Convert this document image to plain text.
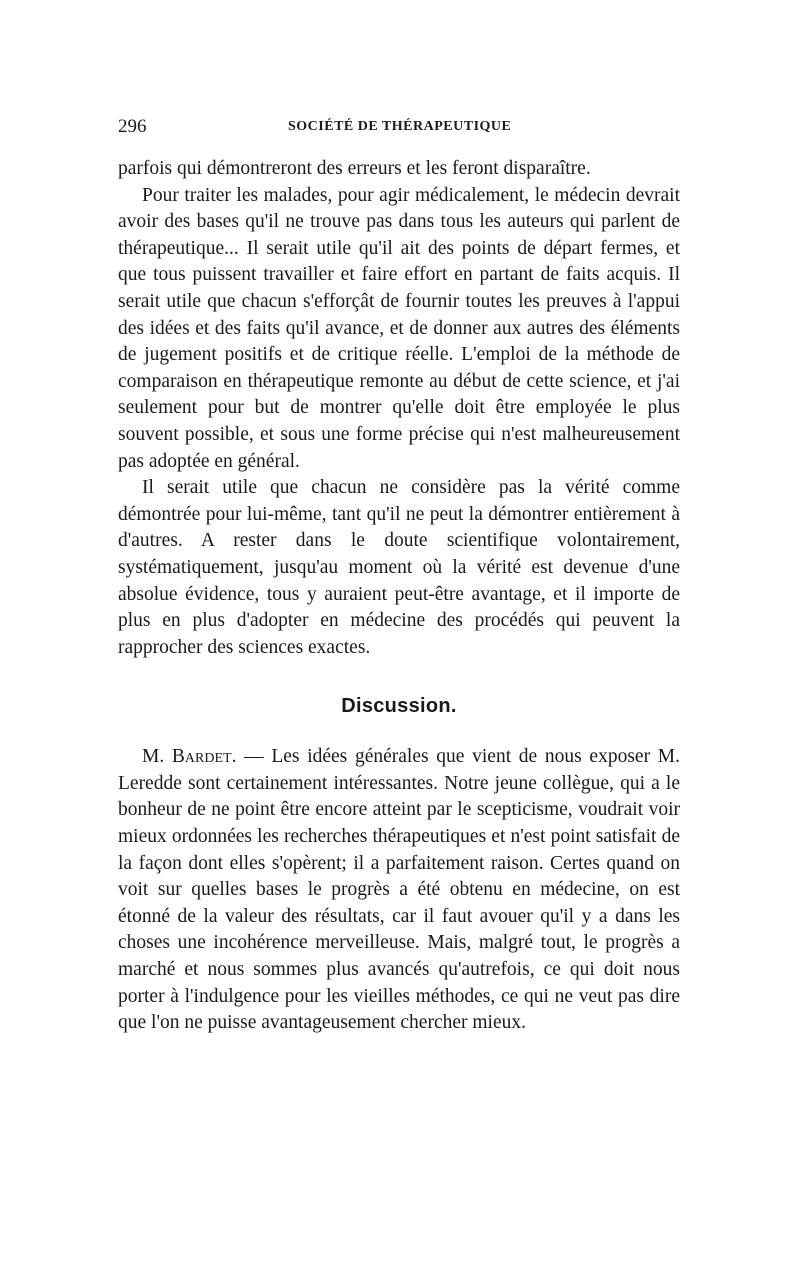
296	SOCIÉTÉ DE THÉRAPEUTIQUE

parfois qui démontreront des erreurs et les feront disparaître.

Pour traiter les malades, pour agir médicalement, le médecin devrait avoir des bases qu'il ne trouve pas dans tous les auteurs qui parlent de thérapeutique... Il serait utile qu'il ait des points de départ fermes, et que tous puissent travailler et faire effort en partant de faits acquis. Il serait utile que chacun s'efforçât de fournir toutes les preuves à l'appui des idées et des faits qu'il avance, et de donner aux autres des éléments de jugement positifs et de critique réelle. L'emploi de la méthode de comparaison en thérapeutique remonte au début de cette science, et j'ai seulement pour but de montrer qu'elle doit être employée le plus souvent possible, et sous une forme précise qui n'est malheureusement pas adoptée en général.

Il serait utile que chacun ne considère pas la vérité comme démontrée pour lui-même, tant qu'il ne peut la démontrer entièrement à d'autres. A rester dans le doute scientifique volontairement, systématiquement, jusqu'au moment où la vérité est devenue d'une absolue évidence, tous y auraient peut-être avantage, et il importe de plus en plus d'adopter en médecine des procédés qui peuvent la rapprocher des sciences exactes.

Discussion.

M. Bardet. — Les idées générales que vient de nous exposer M. Leredde sont certainement intéressantes. Notre jeune collègue, qui a le bonheur de ne point être encore atteint par le scepticisme, voudrait voir mieux ordonnées les recherches thérapeutiques et n'est point satisfait de la façon dont elles s'opèrent; il a parfaitement raison. Certes quand on voit sur quelles bases le progrès a été obtenu en médecine, on est étonné de la valeur des résultats, car il faut avouer qu'il y a dans les choses une incohérence merveilleuse. Mais, malgré tout, le progrès a marché et nous sommes plus avancés qu'autrefois, ce qui doit nous porter à l'indulgence pour les vieilles méthodes, ce qui ne veut pas dire que l'on ne puisse avantageusement chercher mieux.
